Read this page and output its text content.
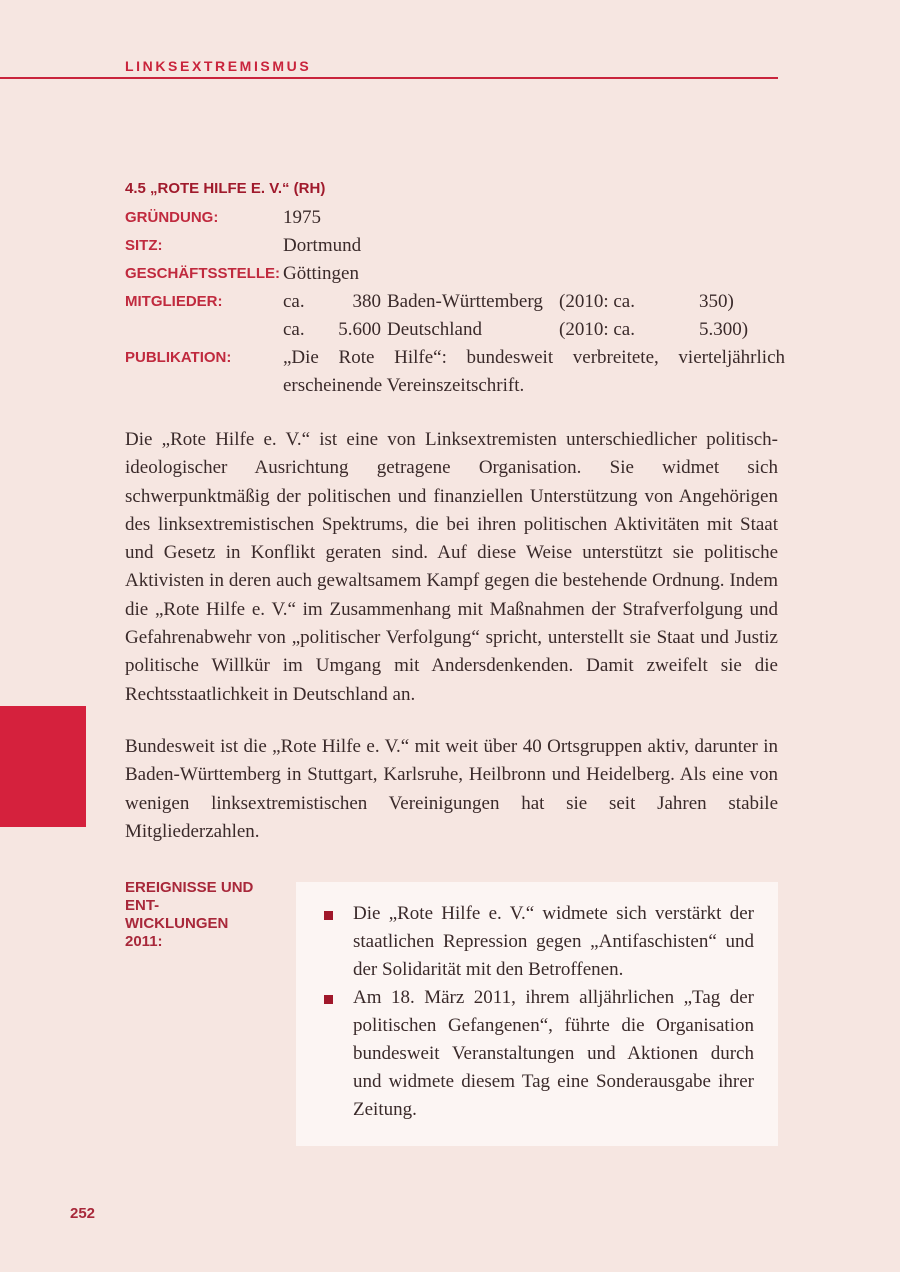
LINKSEXTREMISMUS
4.5 „ROTE HILFE E. V.“ (RH)
GRÜNDUNG:	1975
SITZ:	Dortmund
GESCHÄFTSSTELLE: Göttingen
MITGLIEDER:	ca.	380 Baden-Württemberg (2010: ca.	350)
ca. 5.600 Deutschland	(2010: ca.	5.300)
PUBLIKATION:	„Die Rote Hilfe“: bundesweit verbreitete, vierteljährlich erscheinende Vereinszeitschrift.

Die „Rote Hilfe e. V.“ ist eine von Linksextremisten unterschiedlicher politisch-ideologischer Ausrichtung getragene Organisation. Sie widmet sich schwerpunktmäßig der politischen und finanziellen Unterstützung von Angehörigen des linksextremistischen Spektrums, die bei ihren politischen Aktivitäten mit Staat und Gesetz in Konflikt geraten sind. Auf diese Weise unterstützt sie politische Aktivisten in deren auch gewaltsamem Kampf gegen die bestehende Ordnung. Indem die „Rote Hilfe e. V.“ im Zusammenhang mit Maßnahmen der Strafverfolgung und Gefahrenabwehr von „politischer Verfolgung“ spricht, unterstellt sie Staat und Justiz politische Willkür im Umgang mit Andersdenkenden. Damit zweifelt sie die Rechtsstaatlichkeit in Deutschland an.

Bundesweit ist die „Rote Hilfe e. V.“ mit weit über 40 Ortsgruppen aktiv, darunter in Baden-Württemberg in Stuttgart, Karlsruhe, Heilbronn und Heidelberg. Als eine von wenigen linksextremistischen Vereinigungen hat sie seit Jahren stabile Mitgliederzahlen.

EREIGNISSE UND ENT-WICKLUNGEN 2011:
Die „Rote Hilfe e. V.“ widmete sich verstärkt der staatlichen Repression gegen „Antifaschisten“ und der Solidarität mit den Betroffenen.
Am 18. März 2011, ihrem alljährlichen „Tag der politischen Gefangenen“, führte die Organisation bundesweit Veranstaltungen und Aktionen durch und widmete diesem Tag eine Sonderausgabe ihrer Zeitung.
252
